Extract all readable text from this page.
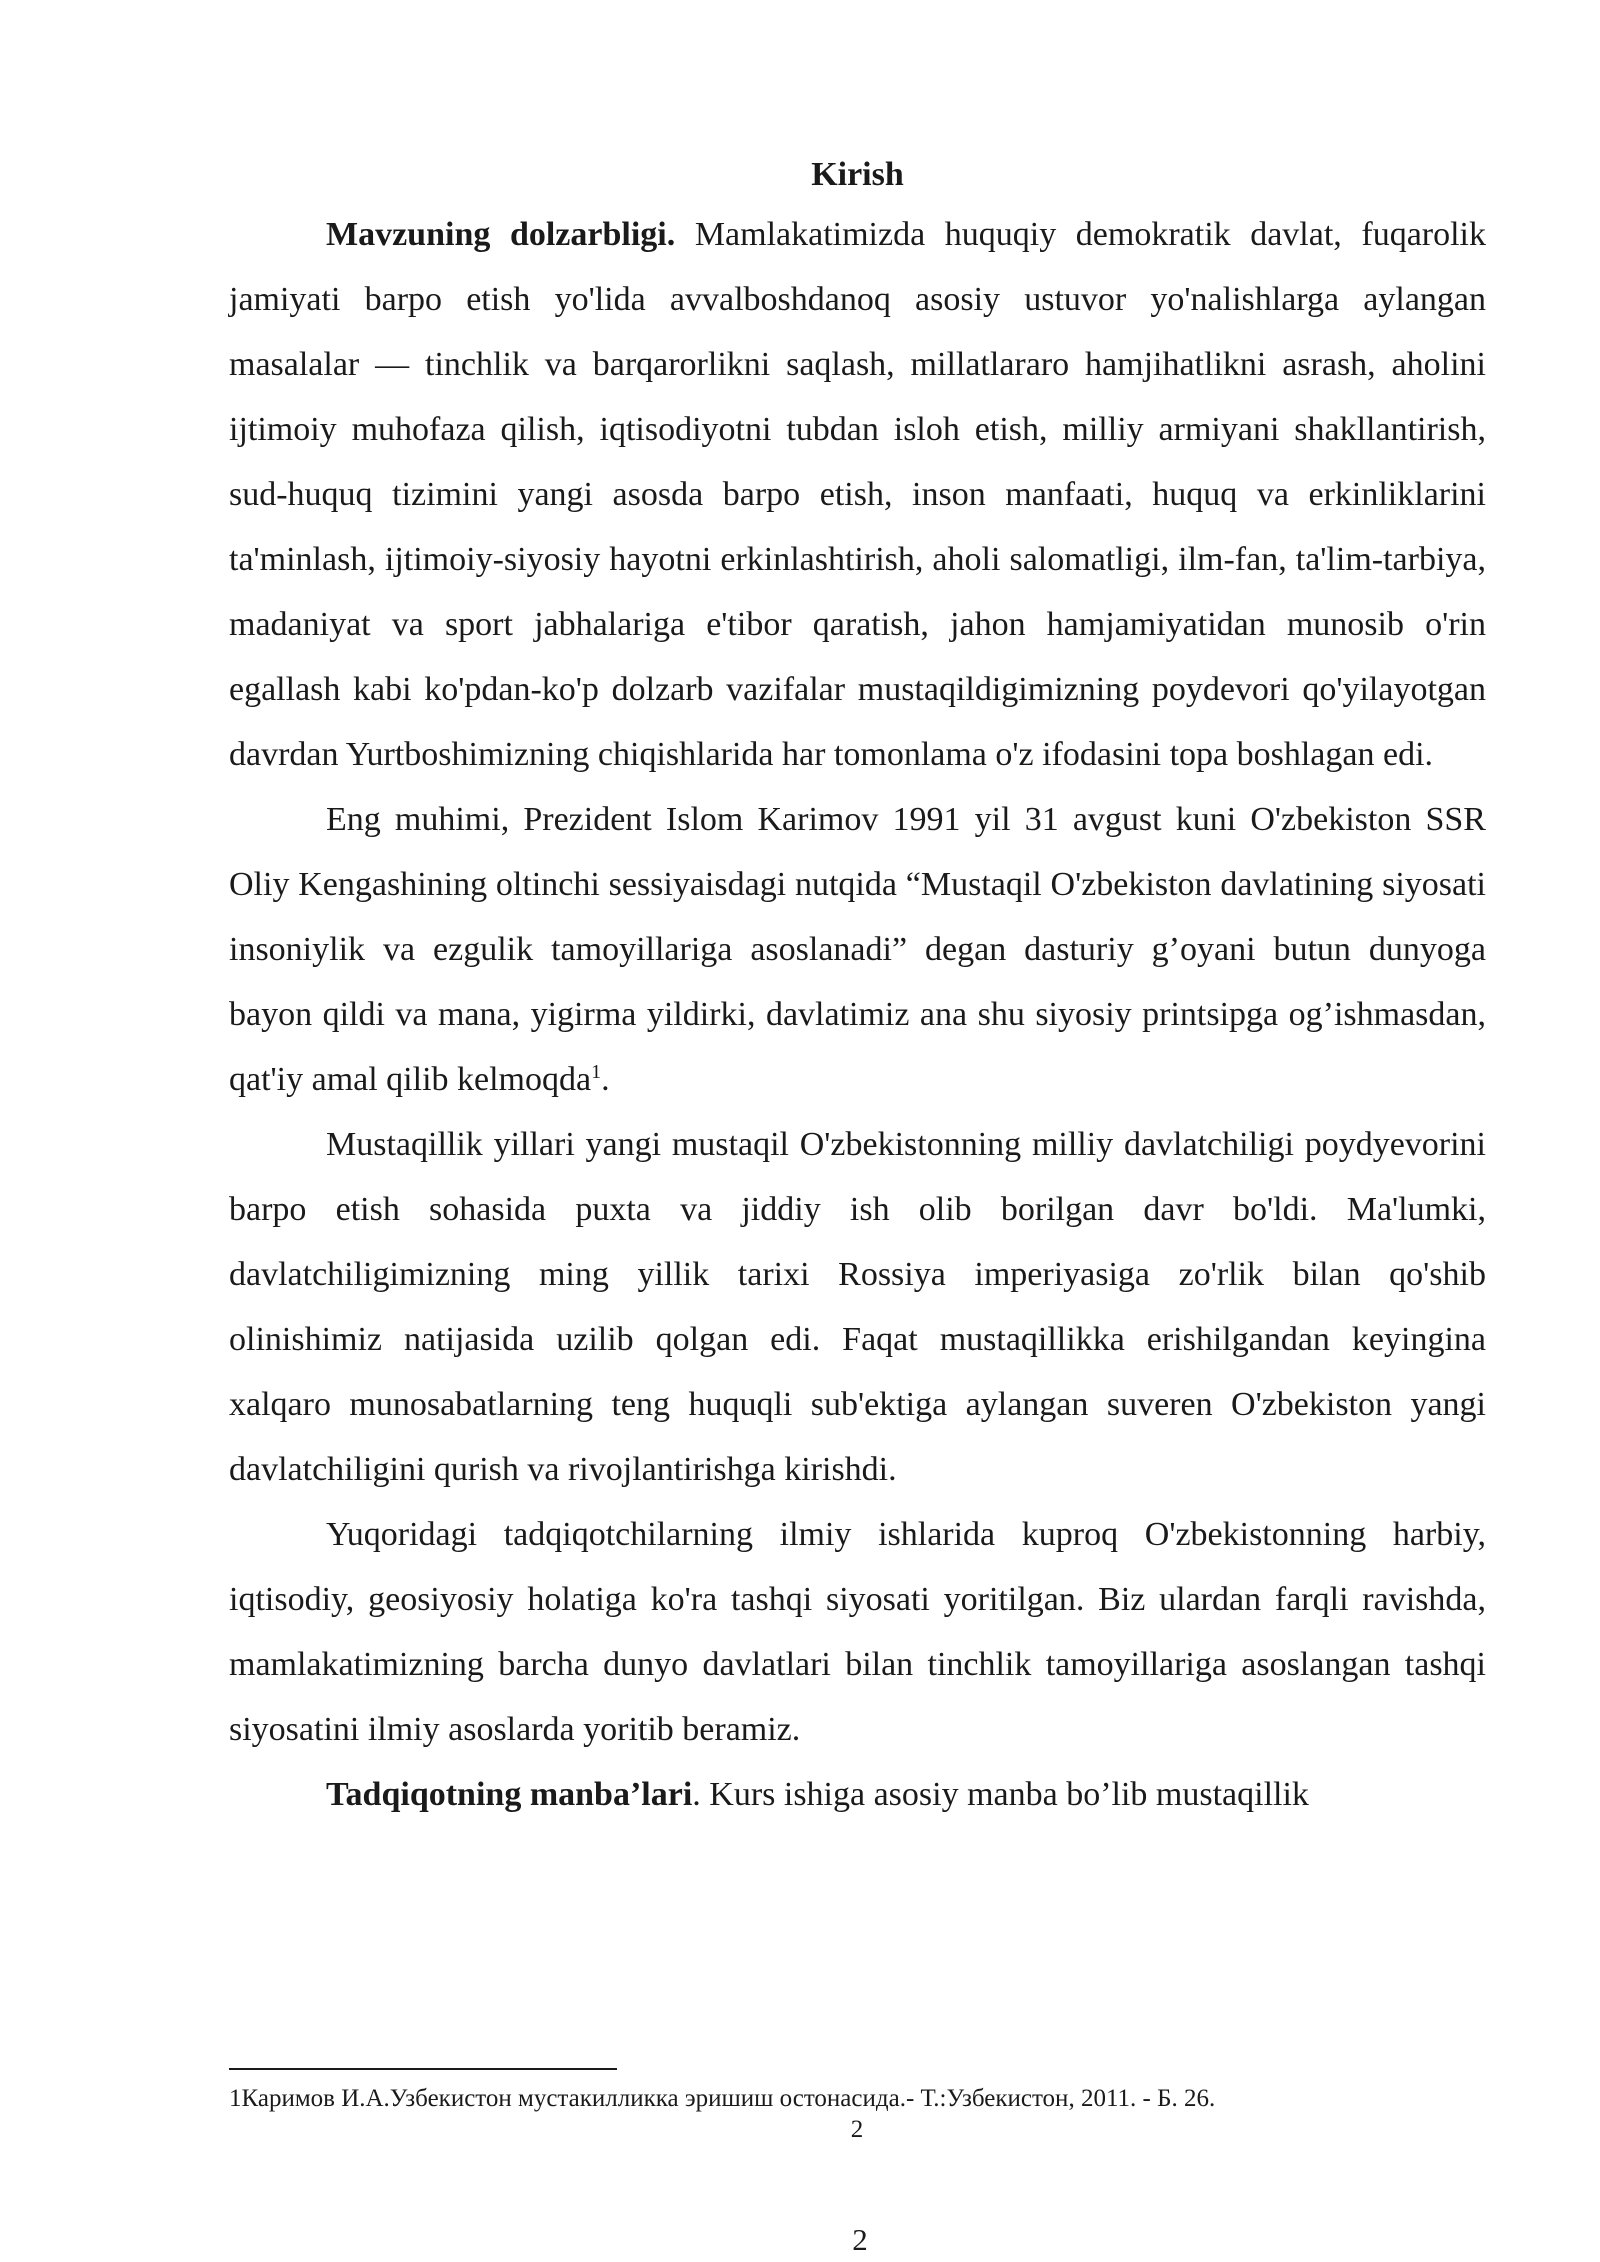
Kirish

Mavzuning dolzarbligi. Mamlakatimizda huquqiy demokratik davlat, fuqarolik jamiyati barpo etish yo'lida avvalboshdanoq asosiy ustuvor yo'nalishlarga aylangan masalalar — tinchlik va barqarorlikni saqlash, millatlararo hamjihatlikni asrash, aholini ijtimoiy muhofaza qilish, iqtisodiyotni tubdan isloh etish, milliy armiyani shakllantirish, sud-huquq tizimini yangi asosda barpo etish, inson manfaati, huquq va erkinliklarini ta'minlash, ijtimoiy-siyosiy hayotni erkinlashtirish, aholi salomatligi, ilm-fan, ta'lim-tarbiya, madaniyat va sport jabhalariga e'tibor qaratish, jahon hamjamiyatidan munosib o'rin egallash kabi ko'pdan-ko'p dolzarb vazifalar mustaqildigimizning poydevori qo'yilayotgan davrdan Yurtboshimizning chiqishlarida har tomonlama o'z ifodasini topa boshlagan edi.

Eng muhimi, Prezident Islom Karimov 1991 yil 31 avgust kuni O'zbekiston SSR Oliy Kengashining oltinchi sessiyaisdagi nutqida “Mustaqil O'zbekiston davlatining siyosati insoniylik va ezgulik tamoyillariga asoslanadi” degan dasturiy g’oyani butun dunyoga bayon qildi va mana, yigirma yildirki, davlatimiz ana shu siyosiy printsipga og’ishmasdan, qat'iy amal qilib kelmoqda$^1$.

Mustaqillik yillari yangi mustaqil O'zbekistonning milliy davlatchiligi poydyevorini barpo etish sohasida puxta va jiddiy ish olib borilgan davr bo'ldi. Ma'lumki, davlatchiligimizning ming yillik tarixi Rossiya imperiyasiga zo'rlik bilan qo'shib olinishimiz natijasida uzilib qolgan edi. Faqat mustaqillikka erishilgandan keyingina xalqaro munosabatlarning teng huquqli sub'ektiga aylangan suveren O'zbekiston yangi davlatchiligini qurish va rivojlantirishga kirishdi.

Yuqoridagi tadqiqotchilarning ilmiy ishlarida kuproq O'zbekistonning harbiy, iqtisodiy, geosiyosiy holatiga ko'ra tashqi siyosati yoritilgan. Biz ulardan farqli ravishda, mamlakatimizning barcha dunyo davlatlari bilan tinchlik tamoyillariga asoslangan tashqi siyosatini ilmiy asoslarda yoritib beramiz.

Tadqiqotning manba’lari. Kurs ishiga asosiy manba bo’lib mustaqillik

1Каримов И.А.Узбекистон мустакилликка эришиш остонасида.- Т.:Узбекистон, 2011. - Б. 26.
2
2
